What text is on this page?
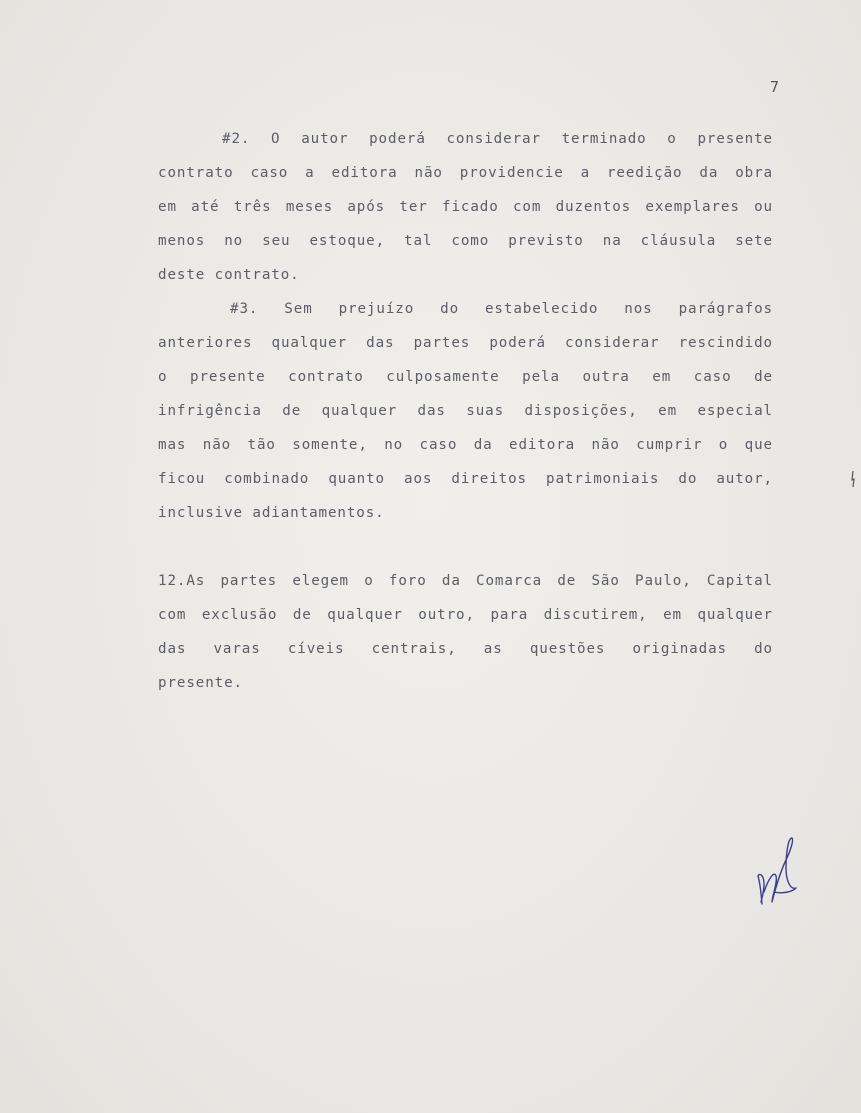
7
#2. O autor poderá considerar terminado o presente
contrato caso a editora não providencie a reedição da obra
em até três meses após ter ficado com duzentos exemplares ou
menos no seu estoque, tal como previsto na cláusula sete
deste contrato.
#3. Sem prejuízo do estabelecido nos parágrafos
anteriores qualquer das partes poderá considerar rescindido
o presente contrato culposamente pela outra em caso de
infrigência de qualquer das suas disposições, em especial
mas não tão somente, no caso da editora não cumprir o que
ficou combinado quanto aos direitos patrimoniais do autor,
inclusive adiantamentos.
12.As partes elegem o foro da Comarca de São Paulo, Capital
com exclusão de qualquer outro, para discutirem, em qualquer
das varas cíveis centrais, as questões originadas do
presente.
